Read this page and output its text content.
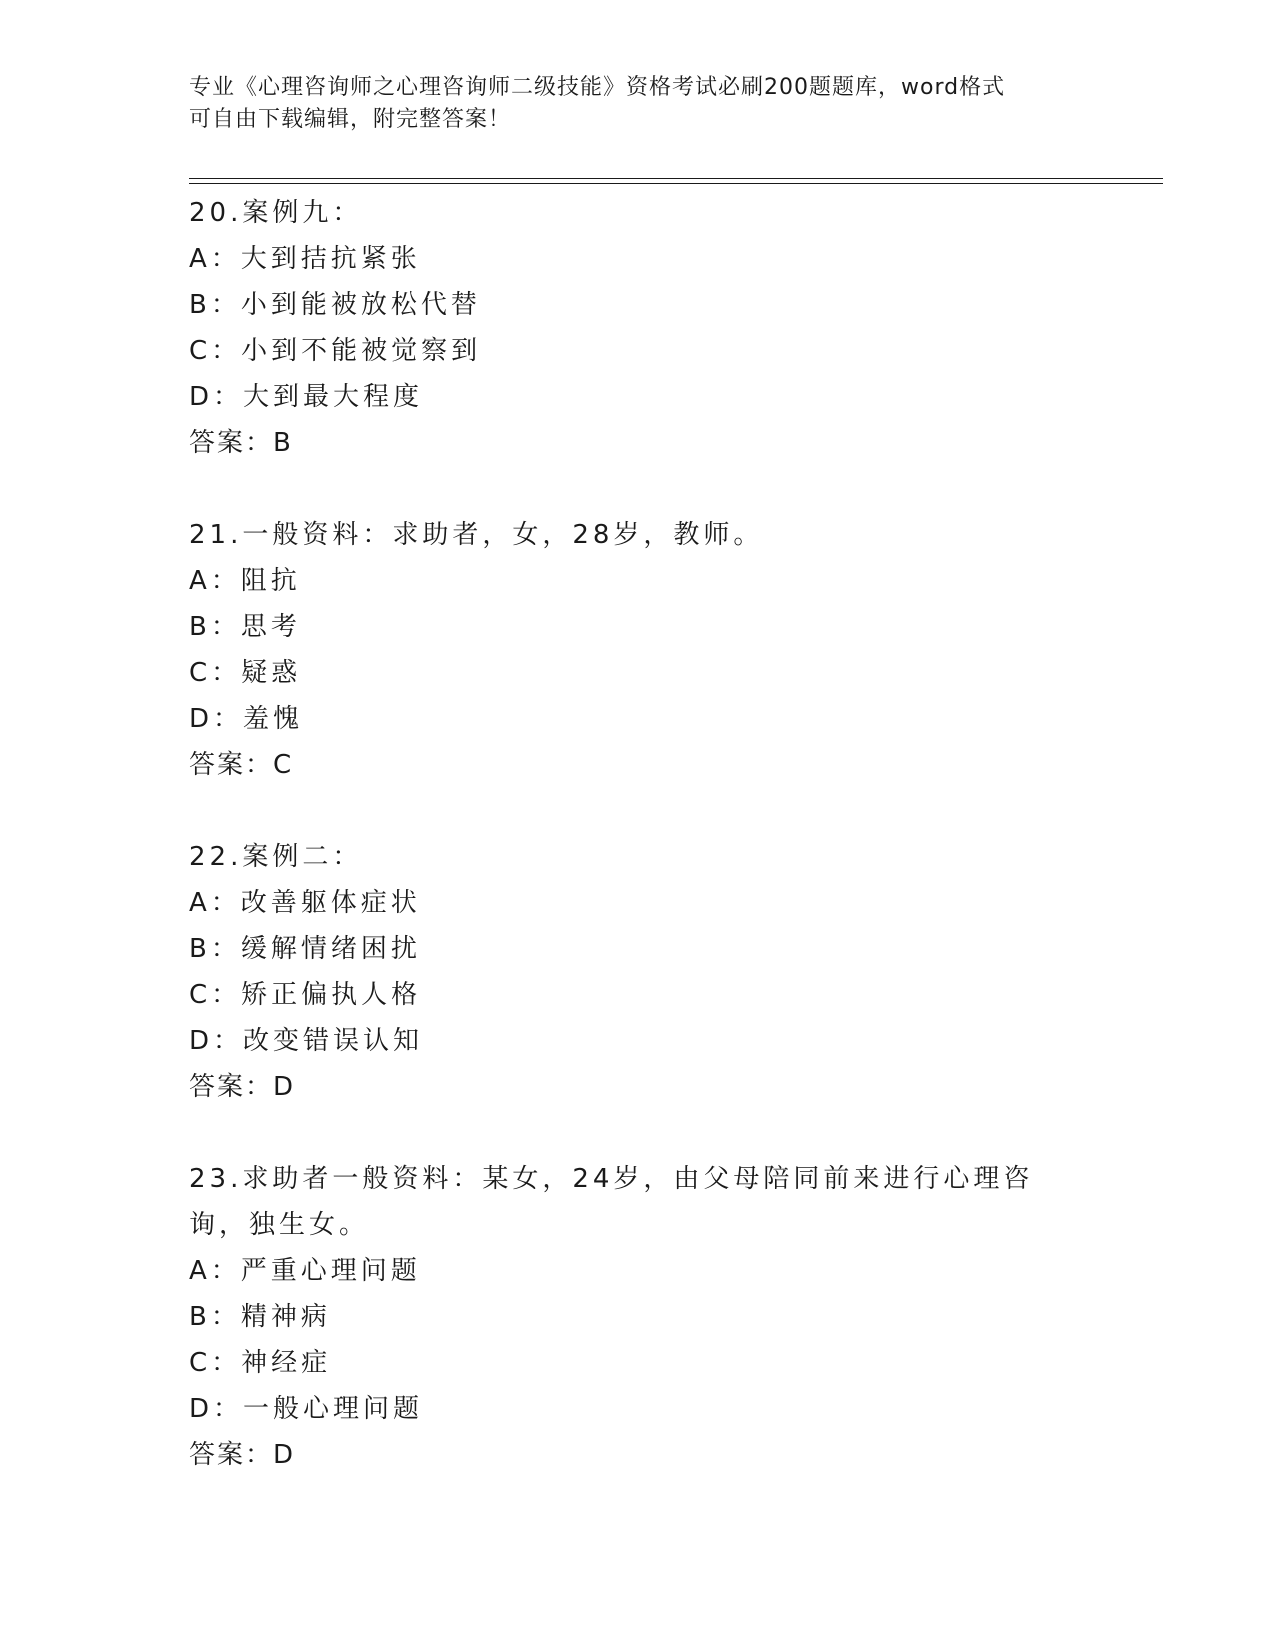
专业《心理咨询师之心理咨询师二级技能》资格考试必刷200题题库，word格式
可自由下载编辑，附完整答案！
20.案例九：
A：大到拮抗紧张
B：小到能被放松代替
C：小到不能被觉察到
D：大到最大程度
答案：B
21.一般资料：求助者，女，28岁，教师。
A：阻抗
B：思考
C：疑惑
D：羞愧
答案：C
22.案例二：
A：改善躯体症状
B：缓解情绪困扰
C：矫正偏执人格
D：改变错误认知
答案：D
23.求助者一般资料：某女，24岁，由父母陪同前来进行心理咨询，独生女。
A：严重心理问题
B：精神病
C：神经症
D：一般心理问题
答案：D
